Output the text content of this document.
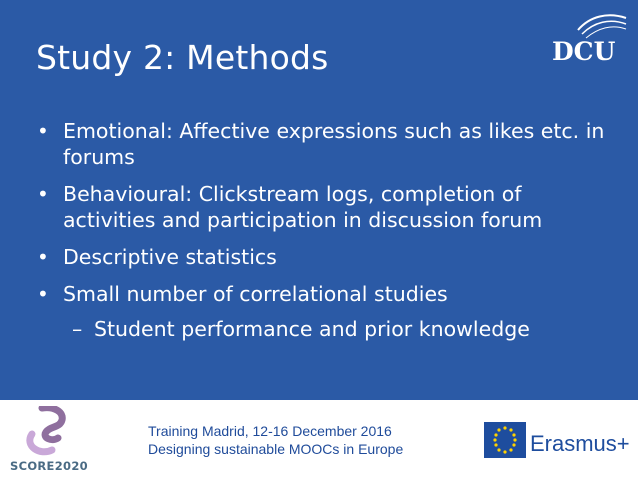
Study 2: Methods	DCU
• Emotional: Affective expressions such as likes etc. in forums
• Behavioural: Clickstream logs, completion of activities and participation in discussion forum
• Descriptive statistics
• Small number of correlational studies
– Student performance and prior knowledge
SCORE2020
Training Madrid, 12-16 December 2016
Designing sustainable MOOCs in Europe	Erasmus+
